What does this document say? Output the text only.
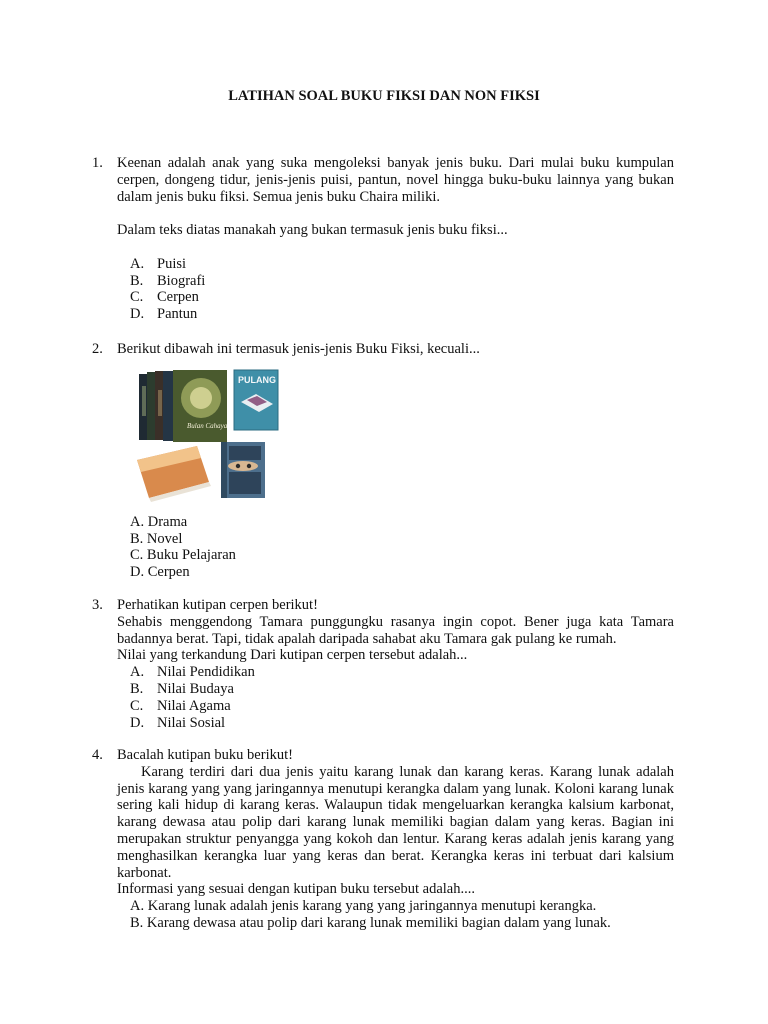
LATIHAN SOAL BUKU FIKSI DAN NON FIKSI
1. Keenan adalah anak yang suka mengoleksi banyak jenis buku. Dari mulai buku kumpulan cerpen, dongeng tidur, jenis-jenis puisi, pantun, novel hingga buku-buku lainnya yang bukan dalam jenis buku fiksi. Semua jenis buku Chaira miliki.
Dalam teks diatas manakah yang bukan termasuk jenis buku fiksi...
A. Puisi
B. Biografi
C. Cerpen
D. Pantun
2. Berikut dibawah ini termasuk jenis-jenis Buku Fiksi, kecuali...
Bulan Cahaya
PULANG
A. Drama
B. Novel
C. Buku Pelajaran
D. Cerpen
3. Perhatikan kutipan cerpen berikut!
Sehabis menggendong Tamara punggungku rasanya ingin copot. Bener juga kata Tamara badannya berat. Tapi, tidak apalah daripada sahabat aku Tamara gak pulang ke rumah.
Nilai yang terkandung Dari kutipan cerpen tersebut adalah...
A. Nilai Pendidikan
B. Nilai Budaya
C. Nilai Agama
D. Nilai Sosial
4. Bacalah kutipan buku berikut!
Karang terdiri dari dua jenis yaitu karang lunak dan karang keras. Karang lunak adalah jenis karang yang yang jaringannya menutupi kerangka dalam yang lunak. Koloni karang lunak sering kali hidup di karang keras. Walaupun tidak mengeluarkan kerangka kalsium karbonat, karang dewasa atau polip dari karang lunak memiliki bagian dalam yang keras. Bagian ini merupakan struktur penyangga yang kokoh dan lentur. Karang keras adalah jenis karang yang menghasilkan kerangka luar yang keras dan berat. Kerangka keras ini terbuat dari kalsium karbonat.
Informasi yang sesuai dengan kutipan buku tersebut adalah....
A. Karang lunak adalah jenis karang yang yang jaringannya menutupi kerangka.
B. Karang dewasa atau polip dari karang lunak memiliki bagian dalam yang lunak.
